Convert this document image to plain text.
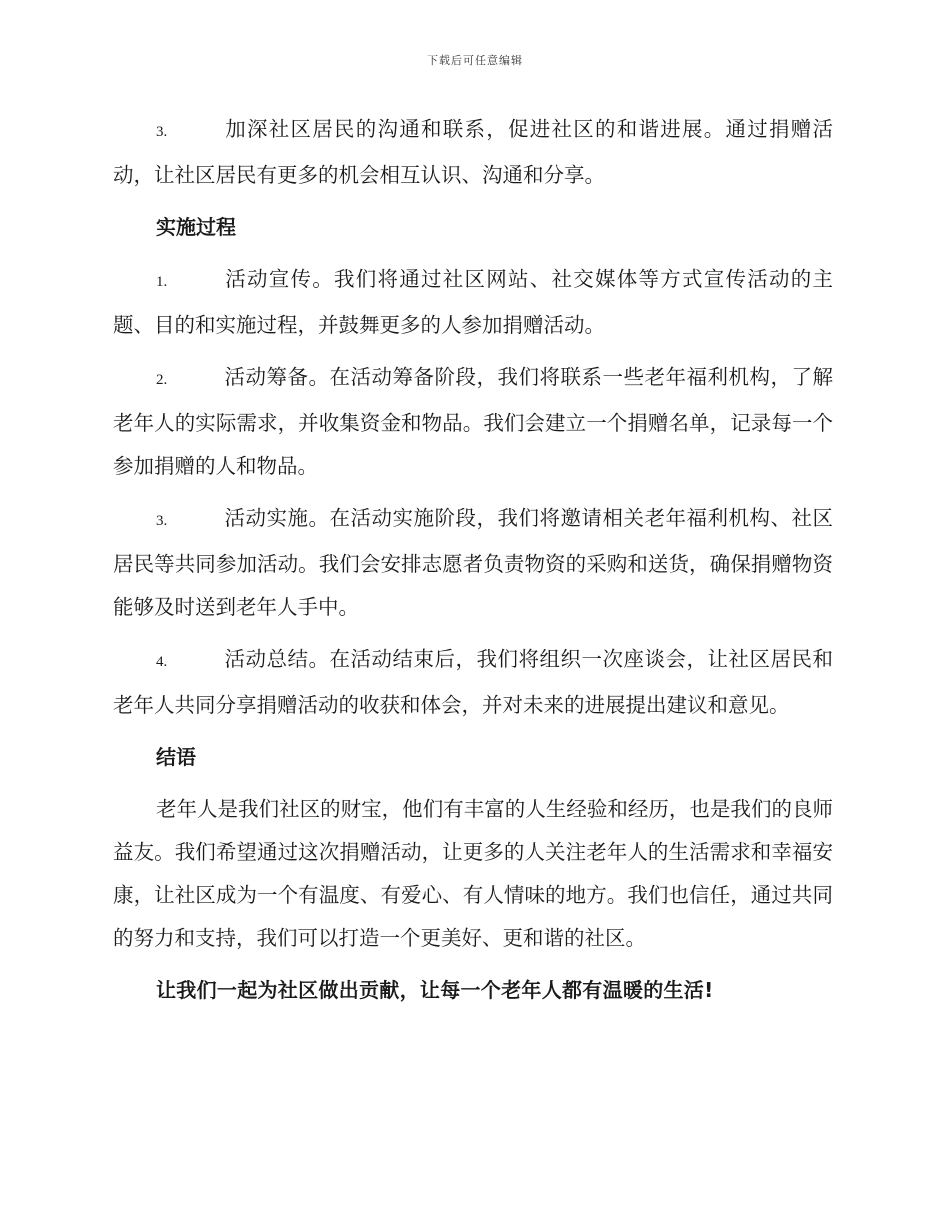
下载后可任意编辑

3.	加深社区居民的沟通和联系，促进社区的和谐进展。通过捐赠活动，让社区居民有更多的机会相互认识、沟通和分享。

实施过程

1.	活动宣传。我们将通过社区网站、社交媒体等方式宣传活动的主题、目的和实施过程，并鼓舞更多的人参加捐赠活动。

2.	活动筹备。在活动筹备阶段，我们将联系一些老年福利机构，了解老年人的实际需求，并收集资金和物品。我们会建立一个捐赠名单，记录每一个参加捐赠的人和物品。

3.	活动实施。在活动实施阶段，我们将邀请相关老年福利机构、社区居民等共同参加活动。我们会安排志愿者负责物资的采购和送货，确保捐赠物资能够及时送到老年人手中。

4.	活动总结。在活动结束后，我们将组织一次座谈会，让社区居民和老年人共同分享捐赠活动的收获和体会，并对未来的进展提出建议和意见。

结语

老年人是我们社区的财宝，他们有丰富的人生经验和经历，也是我们的良师益友。我们希望通过这次捐赠活动，让更多的人关注老年人的生活需求和幸福安康，让社区成为一个有温度、有爱心、有人情味的地方。我们也信任，通过共同的努力和支持，我们可以打造一个更美好、更和谐的社区。

让我们一起为社区做出贡献，让每一个老年人都有温暖的生活!
